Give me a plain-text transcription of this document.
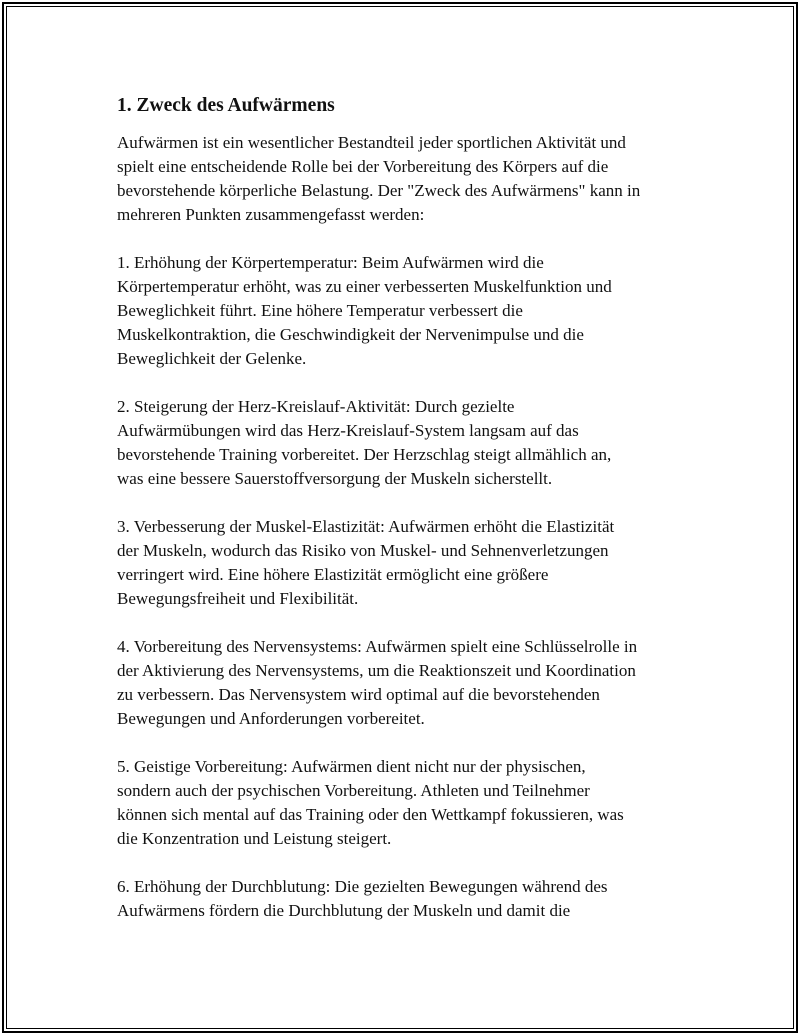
1. Zweck des Aufwärmens

Aufwärmen ist ein wesentlicher Bestandteil jeder sportlichen Aktivität und
spielt eine entscheidende Rolle bei der Vorbereitung des Körpers auf die
bevorstehende körperliche Belastung. Der "Zweck des Aufwärmens" kann in
mehreren Punkten zusammengefasst werden:

1. Erhöhung der Körpertemperatur: Beim Aufwärmen wird die
Körpertemperatur erhöht, was zu einer verbesserten Muskelfunktion und
Beweglichkeit führt. Eine höhere Temperatur verbessert die
Muskelkontraktion, die Geschwindigkeit der Nervenimpulse und die
Beweglichkeit der Gelenke.

2. Steigerung der Herz-Kreislauf-Aktivität: Durch gezielte
Aufwärmübungen wird das Herz-Kreislauf-System langsam auf das
bevorstehende Training vorbereitet. Der Herzschlag steigt allmählich an,
was eine bessere Sauerstoffversorgung der Muskeln sicherstellt.

3. Verbesserung der Muskel-Elastizität: Aufwärmen erhöht die Elastizität
der Muskeln, wodurch das Risiko von Muskel- und Sehnenverletzungen
verringert wird. Eine höhere Elastizität ermöglicht eine größere
Bewegungsfreiheit und Flexibilität.

4. Vorbereitung des Nervensystems: Aufwärmen spielt eine Schlüsselrolle in
der Aktivierung des Nervensystems, um die Reaktionszeit und Koordination
zu verbessern. Das Nervensystem wird optimal auf die bevorstehenden
Bewegungen und Anforderungen vorbereitet.

5. Geistige Vorbereitung: Aufwärmen dient nicht nur der physischen,
sondern auch der psychischen Vorbereitung. Athleten und Teilnehmer
können sich mental auf das Training oder den Wettkampf fokussieren, was
die Konzentration und Leistung steigert.

6. Erhöhung der Durchblutung: Die gezielten Bewegungen während des
Aufwärmens fördern die Durchblutung der Muskeln und damit die
